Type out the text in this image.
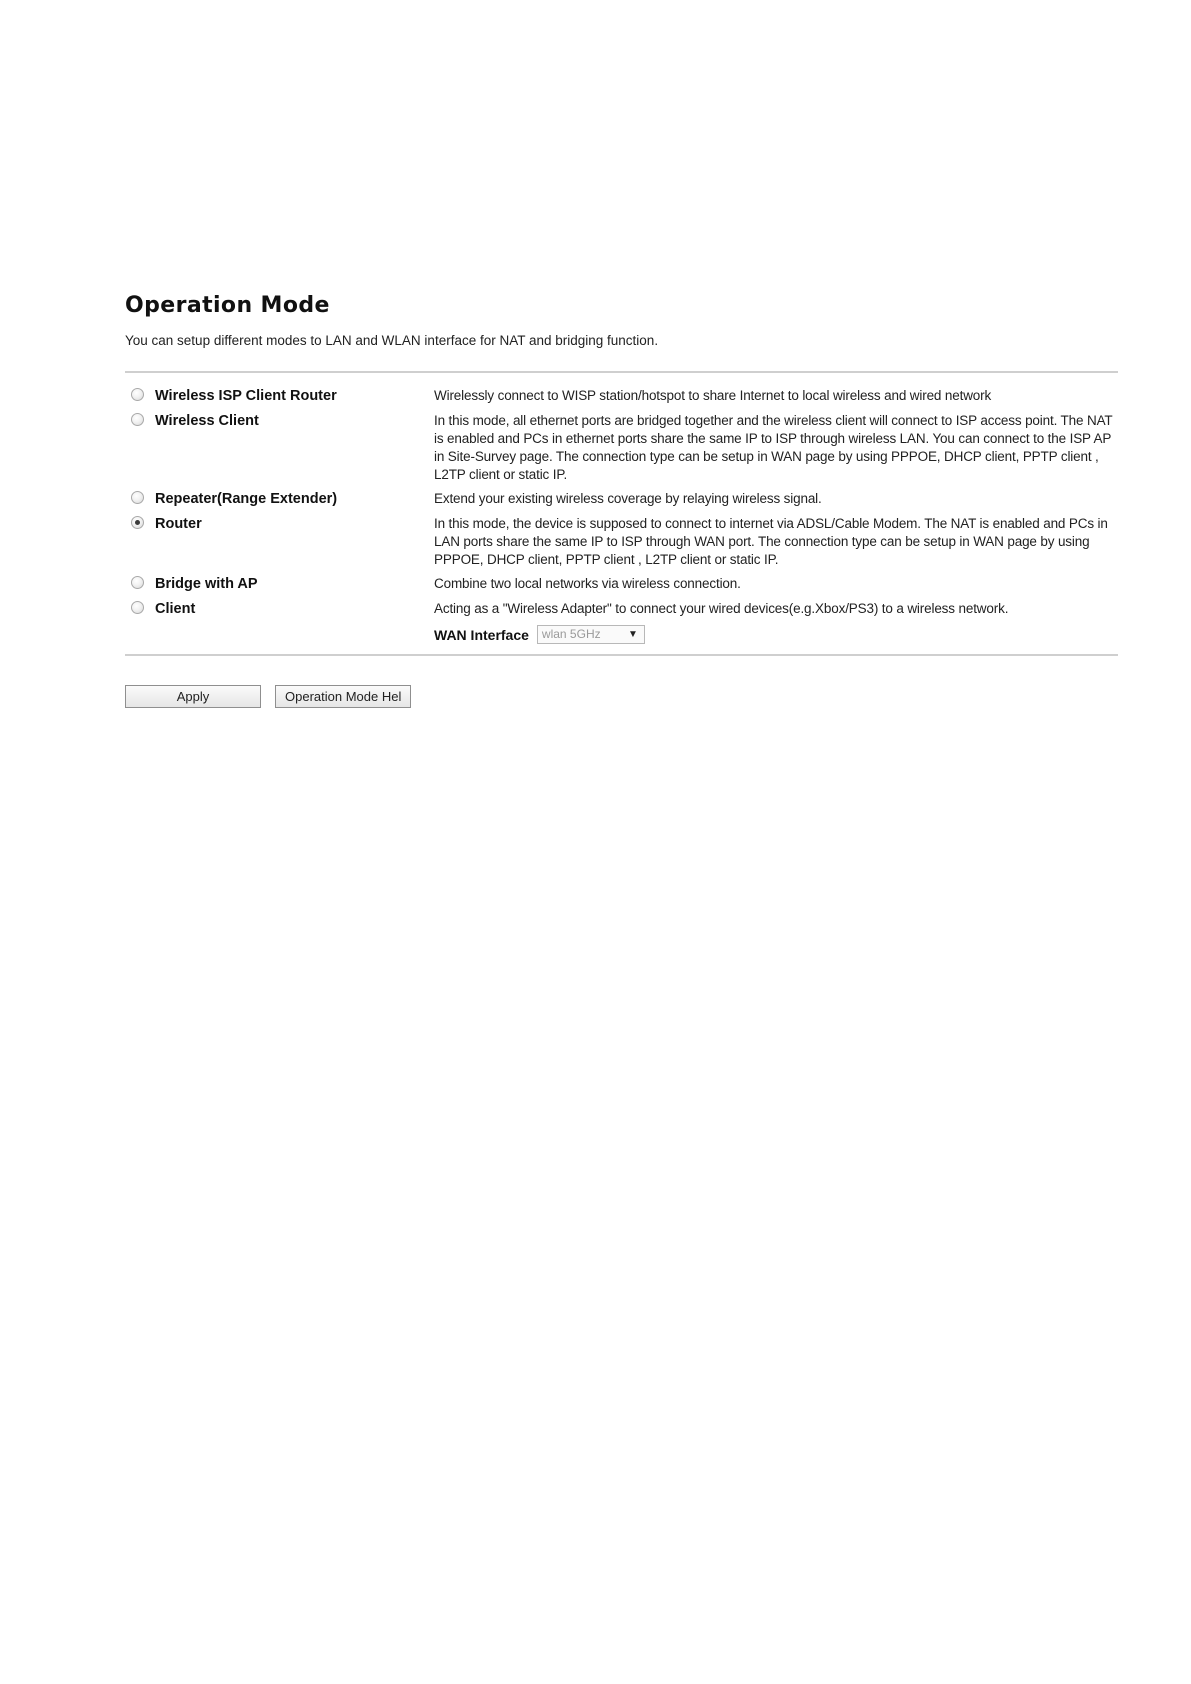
Operation Mode
You can setup different modes to LAN and WLAN interface for NAT and bridging function.
Wireless ISP Client Router	Wirelessly connect to WISP station/hotspot to share Internet to local wireless and wired network
Wireless Client	In this mode, all ethernet ports are bridged together and the wireless client will connect to ISP access point. The NAT is enabled and PCs in ethernet ports share the same IP to ISP through wireless LAN. You can connect to the ISP AP in Site-Survey page. The connection type can be setup in WAN page by using PPPOE, DHCP client, PPTP client , L2TP client or static IP.
Repeater(Range Extender)	Extend your existing wireless coverage by relaying wireless signal.
Router	In this mode, the device is supposed to connect to internet via ADSL/Cable Modem. The NAT is enabled and PCs in LAN ports share the same IP to ISP through WAN port. The connection type can be setup in WAN page by using PPPOE, DHCP client, PPTP client , L2TP client or static IP.
Bridge with AP	Combine two local networks via wireless connection.
Client	Acting as a "Wireless Adapter" to connect your wired devices(e.g.Xbox/PS3) to a wireless network.
WAN Interface	wlan 5GHz	▼
Apply	Operation Mode Hel
